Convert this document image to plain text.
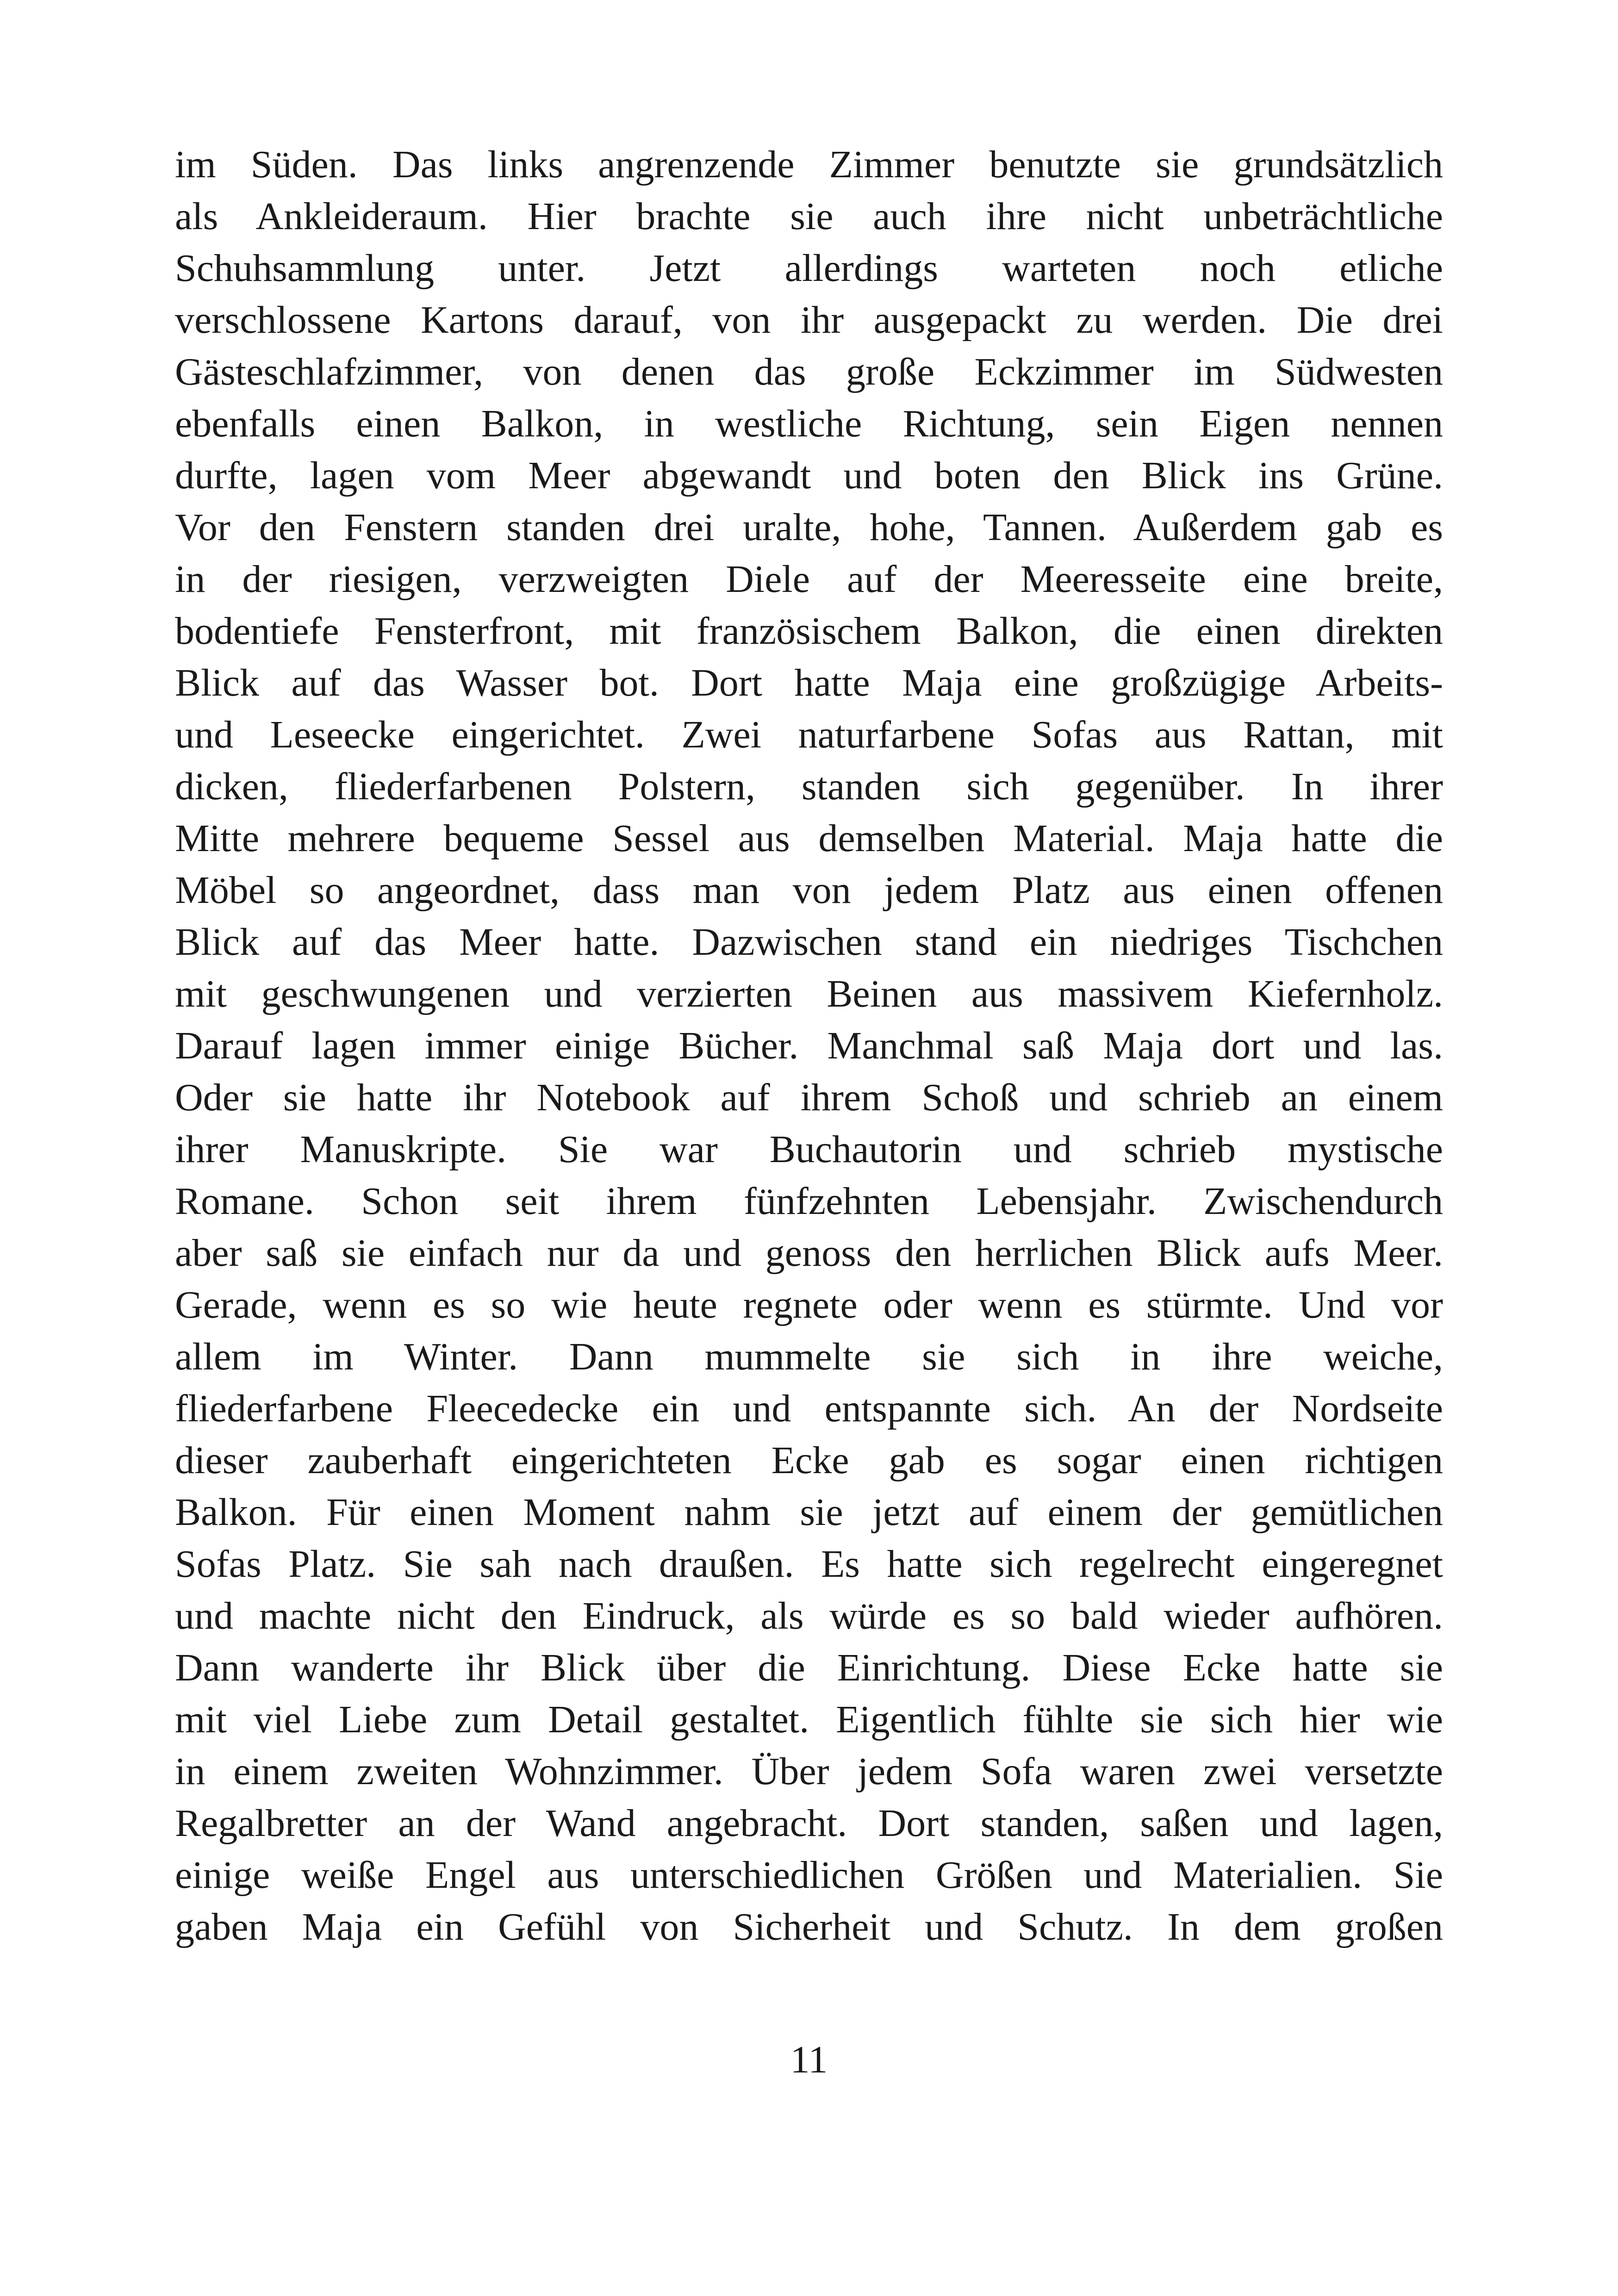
im Süden. Das links angrenzende Zimmer benutzte sie grundsätzlich
als Ankleideraum. Hier brachte sie auch ihre nicht unbeträchtliche
Schuhsammlung unter. Jetzt allerdings warteten noch etliche
verschlossene Kartons darauf, von ihr ausgepackt zu werden. Die drei
Gästeschlafzimmer, von denen das große Eckzimmer im Südwesten
ebenfalls einen Balkon, in westliche Richtung, sein Eigen nennen
durfte, lagen vom Meer abgewandt und boten den Blick ins Grüne.
Vor den Fenstern standen drei uralte, hohe, Tannen. Außerdem gab es
in der riesigen, verzweigten Diele auf der Meeresseite eine breite,
bodentiefe Fensterfront, mit französischem Balkon, die einen direkten
Blick auf das Wasser bot. Dort hatte Maja eine großzügige Arbeits-
und Leseecke eingerichtet. Zwei naturfarbene Sofas aus Rattan, mit
dicken, fliederfarbenen Polstern, standen sich gegenüber. In ihrer
Mitte mehrere bequeme Sessel aus demselben Material. Maja hatte die
Möbel so angeordnet, dass man von jedem Platz aus einen offenen
Blick auf das Meer hatte. Dazwischen stand ein niedriges Tischchen
mit geschwungenen und verzierten Beinen aus massivem Kiefernholz.
Darauf lagen immer einige Bücher. Manchmal saß Maja dort und las.
Oder sie hatte ihr Notebook auf ihrem Schoß und schrieb an einem
ihrer Manuskripte. Sie war Buchautorin und schrieb mystische
Romane. Schon seit ihrem fünfzehnten Lebensjahr. Zwischendurch
aber saß sie einfach nur da und genoss den herrlichen Blick aufs Meer.
Gerade, wenn es so wie heute regnete oder wenn es stürmte. Und vor
allem im Winter. Dann mummelte sie sich in ihre weiche,
fliederfarbene Fleecedecke ein und entspannte sich. An der Nordseite
dieser zauberhaft eingerichteten Ecke gab es sogar einen richtigen
Balkon. Für einen Moment nahm sie jetzt auf einem der gemütlichen
Sofas Platz. Sie sah nach draußen. Es hatte sich regelrecht eingeregnet
und machte nicht den Eindruck, als würde es so bald wieder aufhören.
Dann wanderte ihr Blick über die Einrichtung. Diese Ecke hatte sie
mit viel Liebe zum Detail gestaltet. Eigentlich fühlte sie sich hier wie
in einem zweiten Wohnzimmer. Über jedem Sofa waren zwei versetzte
Regalbretter an der Wand angebracht. Dort standen, saßen und lagen,
einige weiße Engel aus unterschiedlichen Größen und Materialien. Sie
gaben Maja ein Gefühl von Sicherheit und Schutz. In dem großen
11
